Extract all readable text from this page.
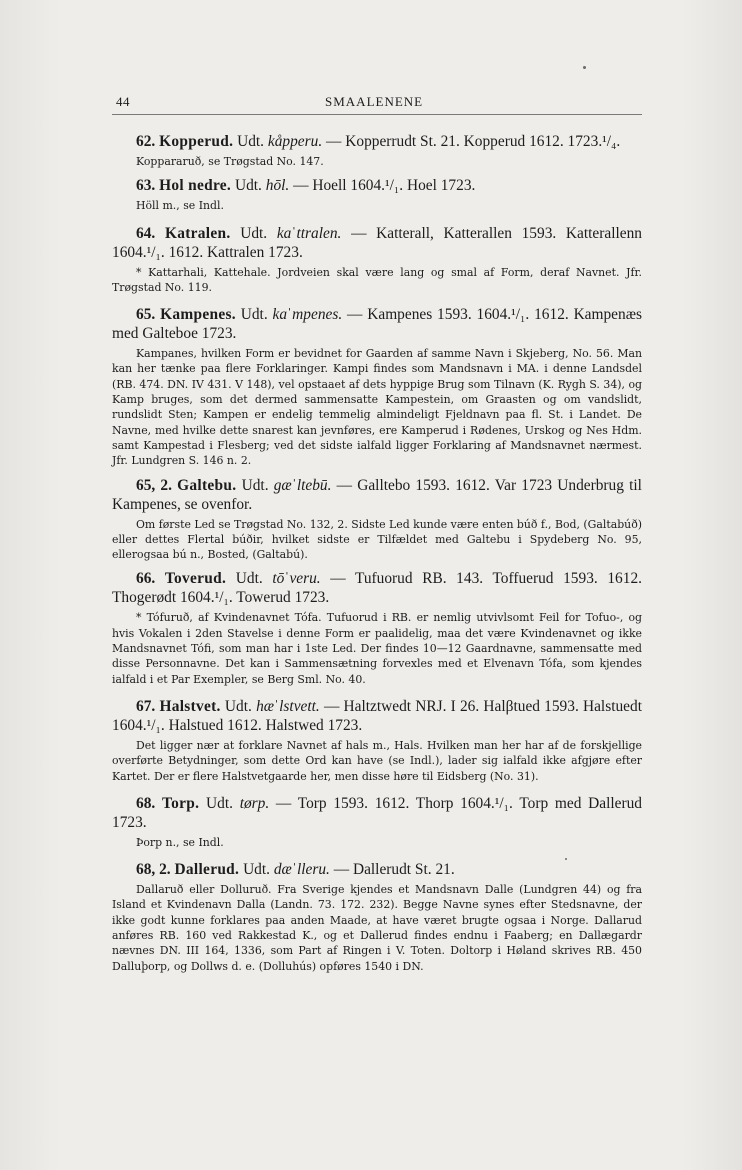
44	SMAALENENE

62. Kopperud. Udt. kåpperu. — Kopperrudt St. 21. Kopperud 1612. 1723.¹/₄.

Koppararuð, se Trøgstad No. 147.

63. Hol nedre. Udt. hōl. — Hoell 1604.¹/₁. Hoel 1723.

Höll m., se Indl.

64. Katralen. Udt. kaˈttralen. — Katterall, Katterallen 1593. Katterallenn 1604.¹/₁. 1612. Kattralen 1723.

* Kattarhali, Kattehale. Jordveien skal være lang og smal af Form, deraf Navnet. Jfr. Trøgstad No. 119.

65. Kampenes. Udt. kaˈmpenes. — Kampenes 1593. 1604.¹/₁. 1612. Kampenæs med Galteboe 1723.

Kampanes, hvilken Form er bevidnet for Gaarden af samme Navn i Skjeberg, No. 56. Man kan her tænke paa flere Forklaringer. Kampi findes som Mandsnavn i MA. i denne Landsdel (RB. 474. DN. IV 431. V 148), vel opstaaet af dets hyppige Brug som Tilnavn (K. Rygh S. 34), og Kamp bruges, som det dermed sammensatte Kampestein, om Graasten og om vandslidt, rundslidt Sten; Kampen er endelig temmelig almindeligt Fjeldnavn paa fl. St. i Landet. De Navne, med hvilke dette snarest kan jevnføres, ere Kamperud i Rødenes, Urskog og Nes Hdm. samt Kampestad i Flesberg; ved det sidste ialfald ligger Forklaring af Mandsnavnet nærmest. Jfr. Lundgren S. 146 n. 2.

65, 2. Galtebu. Udt. gæˈltebū. — Galltebo 1593. 1612. Var 1723 Underbrug til Kampenes, se ovenfor.

Om første Led se Trøgstad No. 132, 2. Sidste Led kunde være enten búð f., Bod, (Galtabúð) eller dettes Flertal búðir, hvilket sidste er Tilfældet med Galtebu i Spydeberg No. 95, ellerogsaa bú n., Bosted, (Galtabú).

66. Toverud. Udt. tōˈveru. — Tufuorud RB. 143. Toffuerud 1593. 1612. Thogerødt 1604.¹/₁. Towerud 1723.

* Tófuruð, af Kvindenavnet Tófa. Tufuorud i RB. er nemlig utvivlsomt Feil for Tofuo-, og hvis Vokalen i 2den Stavelse i denne Form er paalidelig, maa det være Kvindenavnet og ikke Mandsnavnet Tófi, som man har i 1ste Led. Der findes 10—12 Gaardnavne, sammensatte med disse Personnavne. Det kan i Sammensætning forvexles med et Elvenavn Tófa, som kjendes ialfald i et Par Exempler, se Berg Sml. No. 40.

67. Halstvet. Udt. hæˈlstvett. — Haltztwedt NRJ. I 26. Halβtued 1593. Halstuedt 1604.¹/₁. Halstued 1612. Halstwed 1723.

Det ligger nær at forklare Navnet af hals m., Hals. Hvilken man her har af de forskjellige overførte Betydninger, som dette Ord kan have (se Indl.), lader sig ialfald ikke afgjøre efter Kartet. Der er flere Halstvetgaarde her, men disse høre til Eidsberg (No. 31).

68. Torp. Udt. tørp. — Torp 1593. 1612. Thorp 1604.¹/₁. Torp med Dallerud 1723.

Þorp n., se Indl.

68, 2. Dallerud. Udt. dæˈlleru. — Dallerudt St. 21.

Dallaruð eller Dolluruð. Fra Sverige kjendes et Mandsnavn Dalle (Lundgren 44) og fra Island et Kvindenavn Dalla (Landn. 73. 172. 232). Begge Navne synes efter Stedsnavne, der ikke godt kunne forklares paa anden Maade, at have været brugte ogsaa i Norge. Dallarud anføres RB. 160 ved Rakkestad K., og et Dallerud findes endnu i Faaberg; en Dallægardr nævnes DN. III 164, 1336, som Part af Ringen i V. Toten. Doltorp i Høland skrives RB. 450 Dalluþorp, og Dollws d. e. (Dolluhús) opføres 1540 i DN.
